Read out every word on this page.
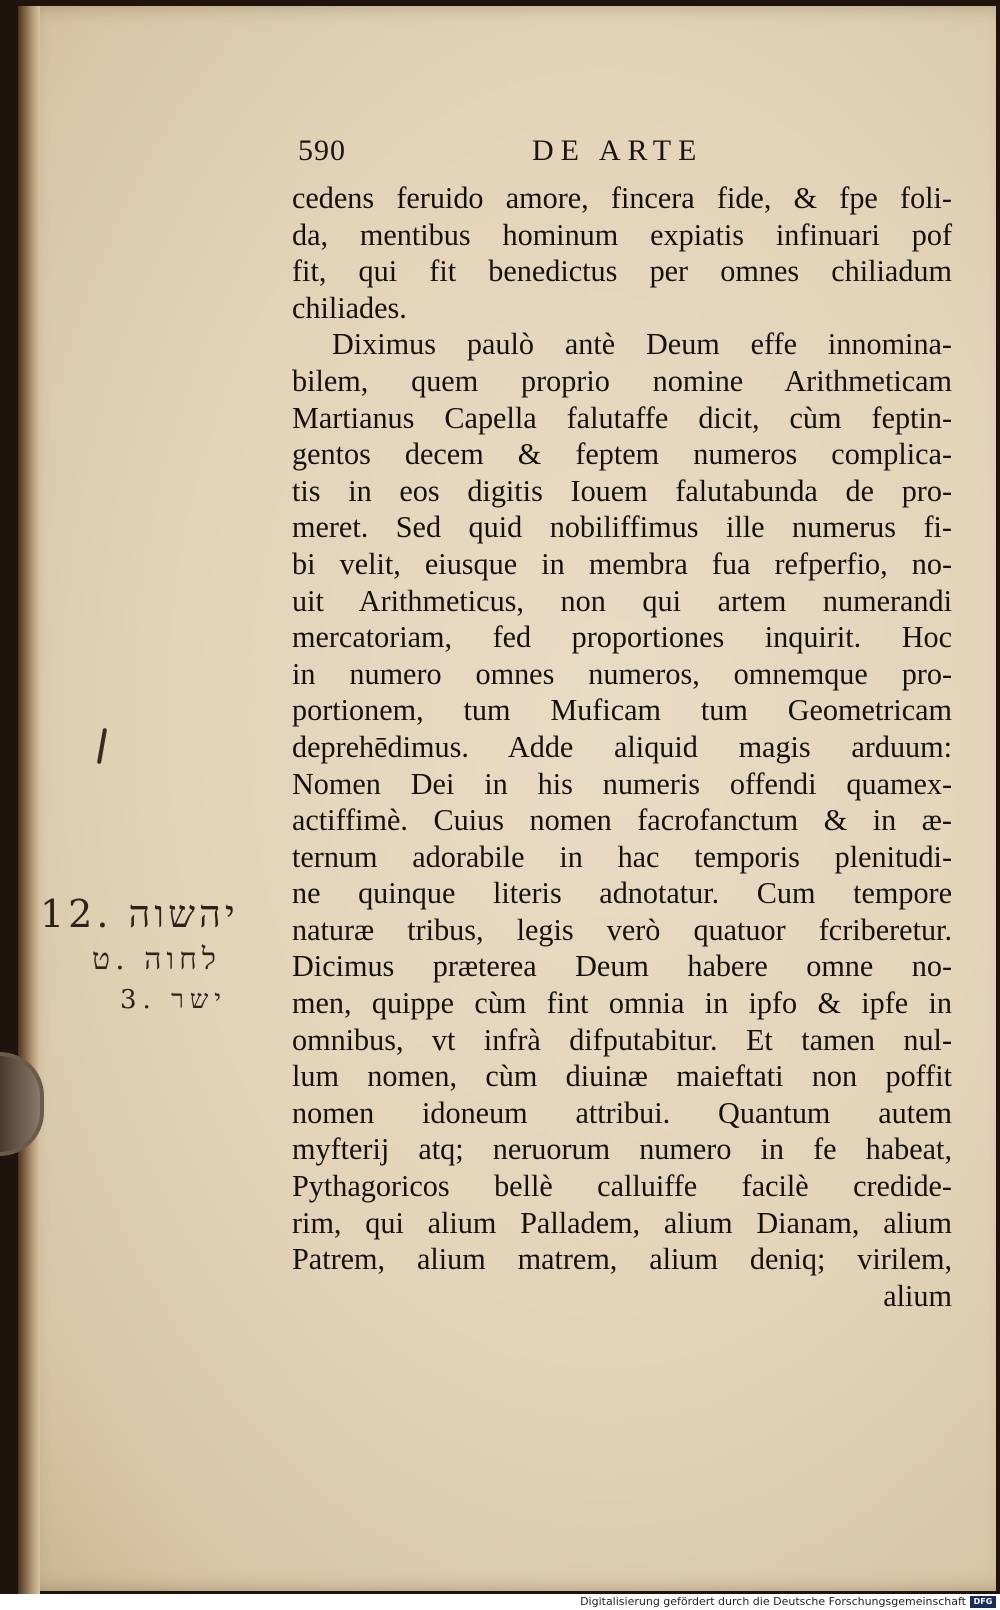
590	DE ARTE
cedens feruido amore, fincera fide, & fpe foli-
da, mentibus hominum expiatis infinuari pof
fit, qui fit benedictus per omnes chiliadum
chiliades.
Diximus paulò antè Deum effe innomina-
bilem, quem proprio nomine Arithmeticam
Martianus Capella falutaffe dicit, cùm feptin-
gentos decem & feptem numeros complica-
tis in eos digitis Iouem falutabunda de pro-
meret. Sed quid nobiliffimus ille numerus fi-
bi velit, eiusque in membra fua refperfio, no-
uit Arithmeticus, non qui artem numerandi
mercatoriam, fed proportiones inquirit. Hoc
in numero omnes numeros, omnemque pro-
portionem, tum Muficam tum Geometricam
deprehēdimus. Adde aliquid magis arduum:
Nomen Dei in his numeris offendi quamex-
actiffimè. Cuius nomen facrofanctum & in æ-
ternum adorabile in hac temporis plenitudi-
ne quinque literis adnotatur. Cum tempore
naturæ tribus, legis verò quatuor fcriberetur.
Dicimus præterea Deum habere omne no-
men, quippe cùm fint omnia in ipfo & ipfe in
omnibus, vt infrà difputabitur. Et tamen nul-
lum nomen, cùm diuinæ maieftati non poffit
nomen idoneum attribui. Quantum autem
myfterij atq; neruorum numero in fe habeat,
Pythagoricos bellè calluiffe facilè credide-
rim, qui alium Palladem, alium Dianam, alium
Patrem, alium matrem, alium deniq; virilem,
alium
יהשוה .12
לחוה .ט
ישר .3
Digitalisierung gefördert durch die Deutsche Forschungsgemeinschaft DFG
